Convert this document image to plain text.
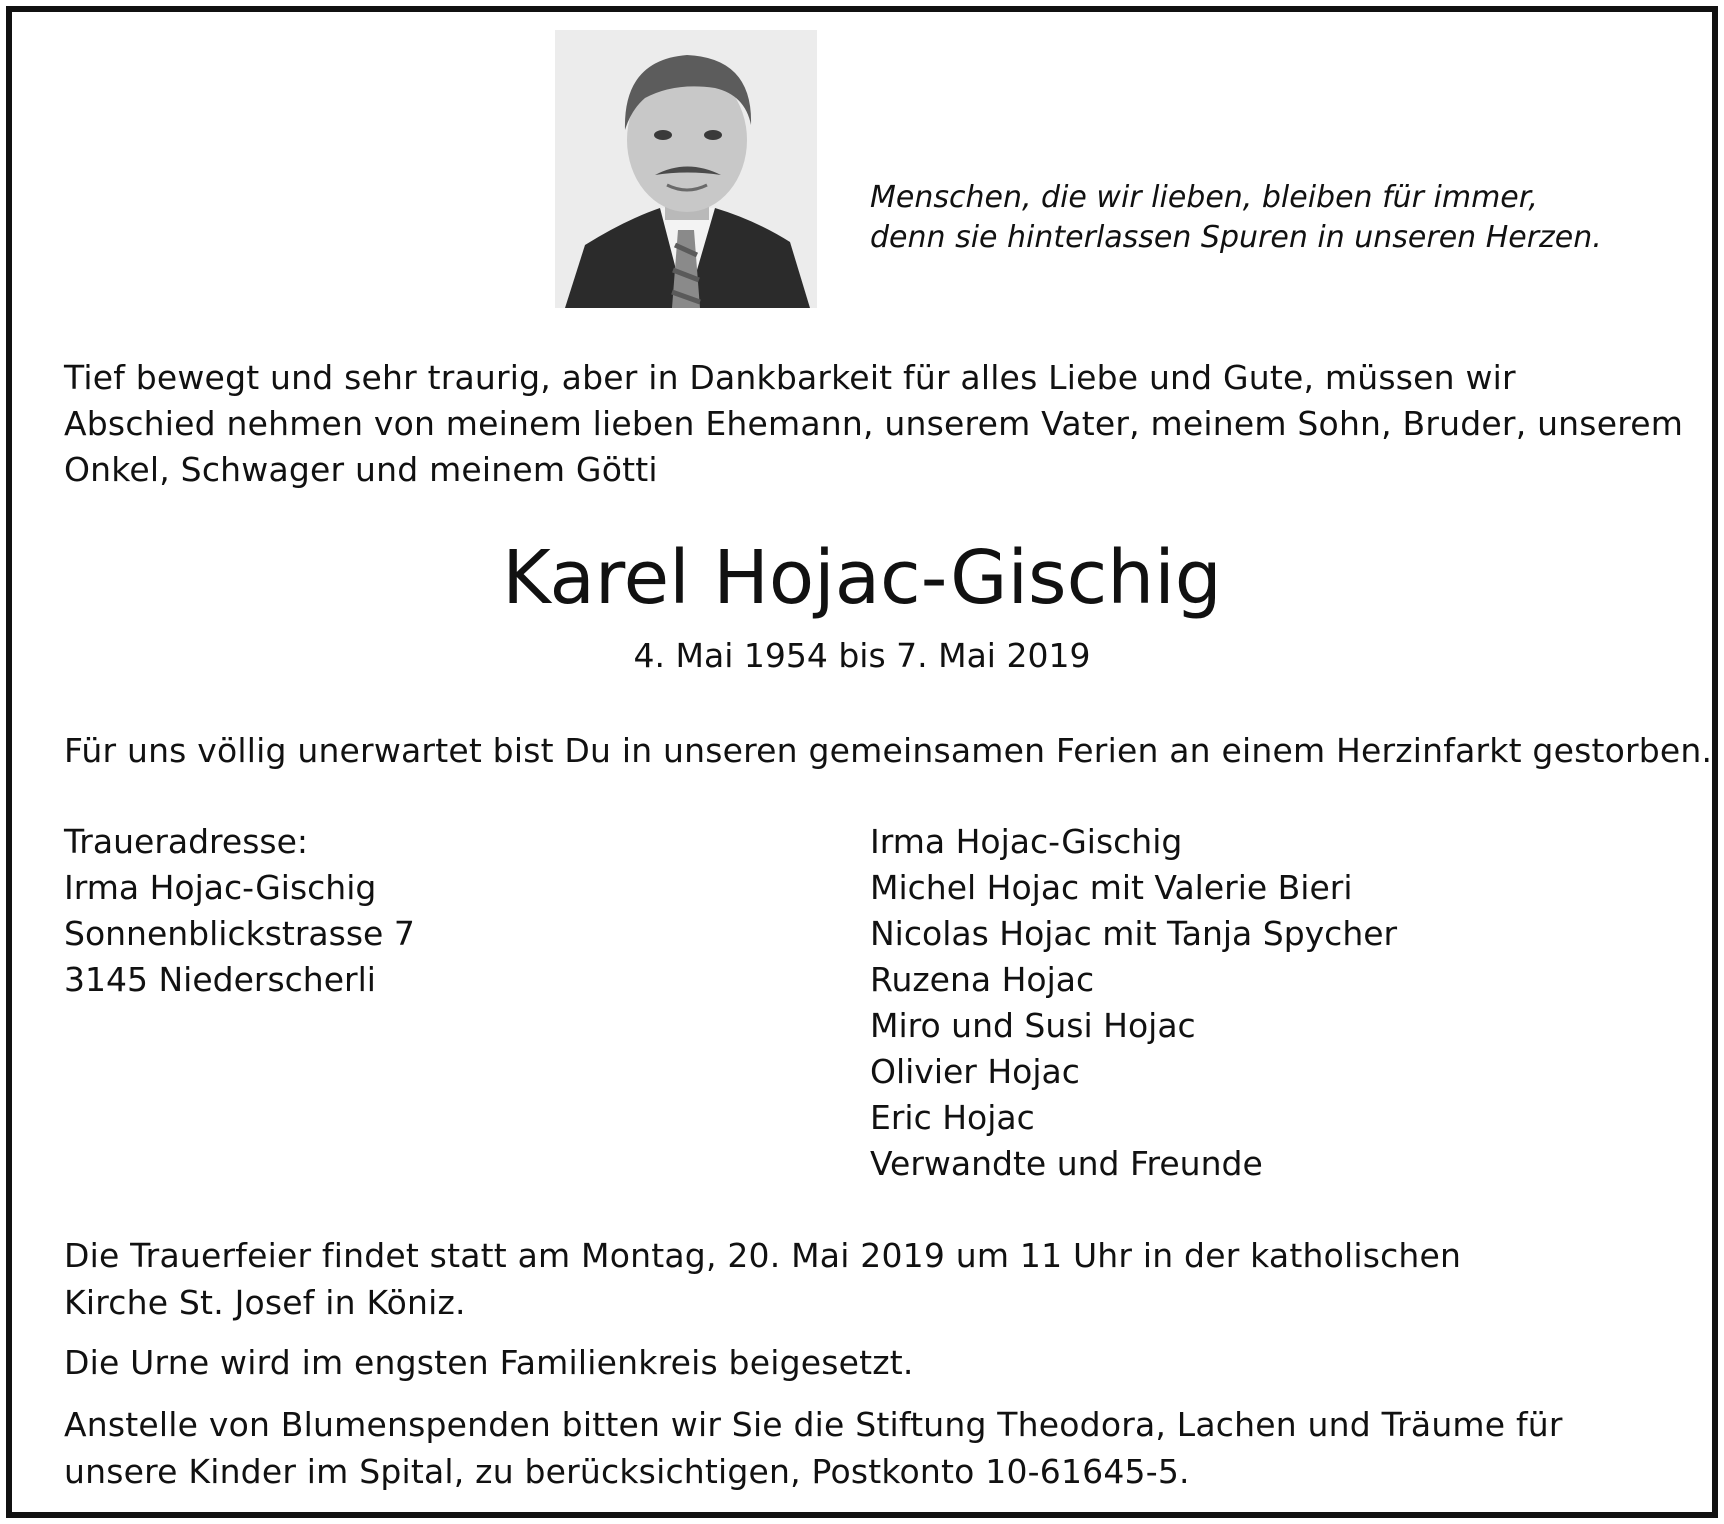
Menschen, die wir lieben, bleiben für immer,
denn sie hinterlassen Spuren in unseren Herzen.
Tief bewegt und sehr traurig, aber in Dankbarkeit für alles Liebe und Gute, müssen wir
Abschied nehmen von meinem lieben Ehemann, unserem Vater, meinem Sohn, Bruder, unserem
Onkel, Schwager und meinem Götti
Karel Hojac-Gischig
4. Mai 1954 bis 7. Mai 2019
Für uns völlig unerwartet bist Du in unseren gemeinsamen Ferien an einem Herzinfarkt gestorben.
Traueradresse:
Irma Hojac-Gischig
Sonnenblickstrasse 7
3145 Niederscherli
Irma Hojac-Gischig
Michel Hojac mit Valerie Bieri
Nicolas Hojac mit Tanja Spycher
Ruzena Hojac
Miro und Susi Hojac
Olivier Hojac
Eric Hojac
Verwandte und Freunde
Die Trauerfeier findet statt am Montag, 20. Mai 2019 um 11 Uhr in der katholischen
Kirche St. Josef in Köniz.
Die Urne wird im engsten Familienkreis beigesetzt.
Anstelle von Blumenspenden bitten wir Sie die Stiftung Theodora, Lachen und Träume für
unsere Kinder im Spital, zu berücksichtigen, Postkonto 10-61645-5.
